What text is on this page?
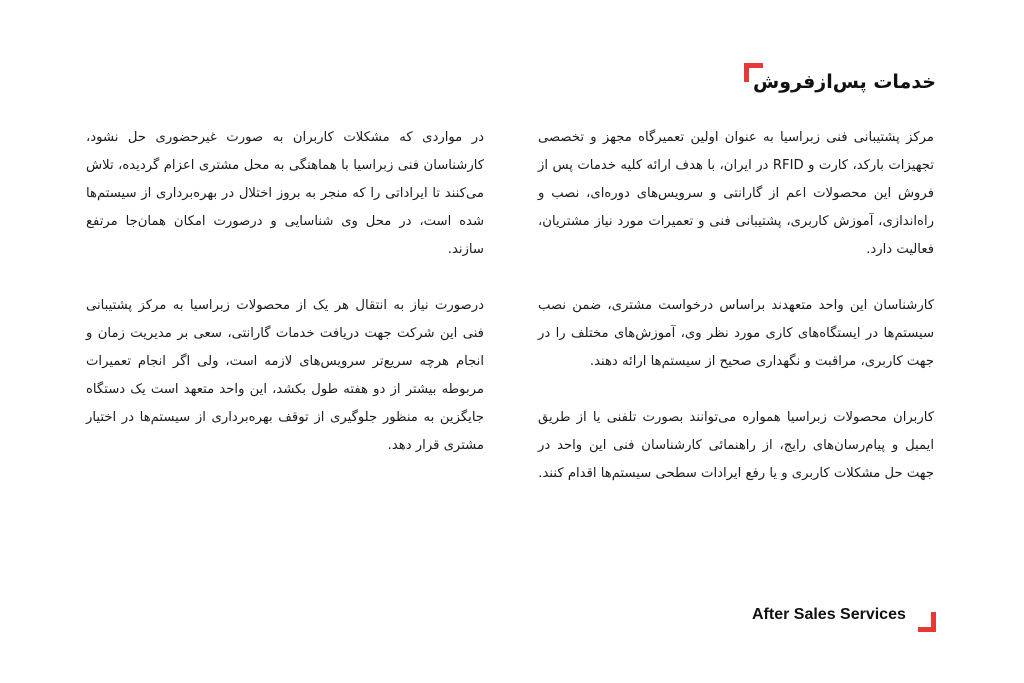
خدمات پس‌ازفروش

مرکز پشتیبانی فنی زبراسیا به عنوان اولین تعمیرگاه مجهز و تخصصی تجهیزات بارکد، کارت و RFID در ایران، با هدف ارائه کلیه خدمات پس از فروش این محصولات اعم از گارانتی و سرویس‌های دوره‌ای، نصب و راه‌اندازی، آموزش کاربری، پشتیبانی فنی و تعمیرات مورد نیاز مشتریان، فعالیت دارد.

کارشناسان این واحد متعهدند براساس درخواست مشتری، ضمن نصب سیستم‌ها در ایستگاه‌های کاری مورد نظر وی، آموزش‌های مختلف را در جهت کاربری، مراقبت و نگهداری صحیح از سیستم‌ها ارائه دهند.

کاربران محصولات زبراسیا همواره می‌توانند بصورت تلفنی یا از طریق ایمیل و پیام‌رسان‌های رایج، از راهنمائی کارشناسان فنی این واحد در جهت حل مشکلات کاربری و یا رفع ایرادات سطحی سیستم‌ها اقدام کنند.

در مواردی که مشکلات کاربران به صورت غیرحضوری حل نشود، کارشناسان فنی زبراسیا با هماهنگی به محل مشتری اعزام گردیده، تلاش می‌کنند تا ایراداتی را که منجر به بروز اختلال در بهره‌برداری از سیستم‌ها شده است، در محل وی شناسایی و درصورت امکان همان‌جا مرتفع سازند.

درصورت نیاز به انتقال هر یک از محصولات زبراسیا به مرکز پشتیبانی فنی این شرکت جهت دریافت خدمات گارانتی، سعی بر مدیریت زمان و انجام هرچه سریع‌تر سرویس‌های لازمه است، ولی اگر انجام تعمیرات مربوطه بیشتر از دو هفته طول بکشد، این واحد متعهد است یک دستگاه جایگزین به منظور جلوگیری از توقف بهره‌برداری از سیستم‌ها در اختیار مشتری قرار دهد.

After Sales Services
